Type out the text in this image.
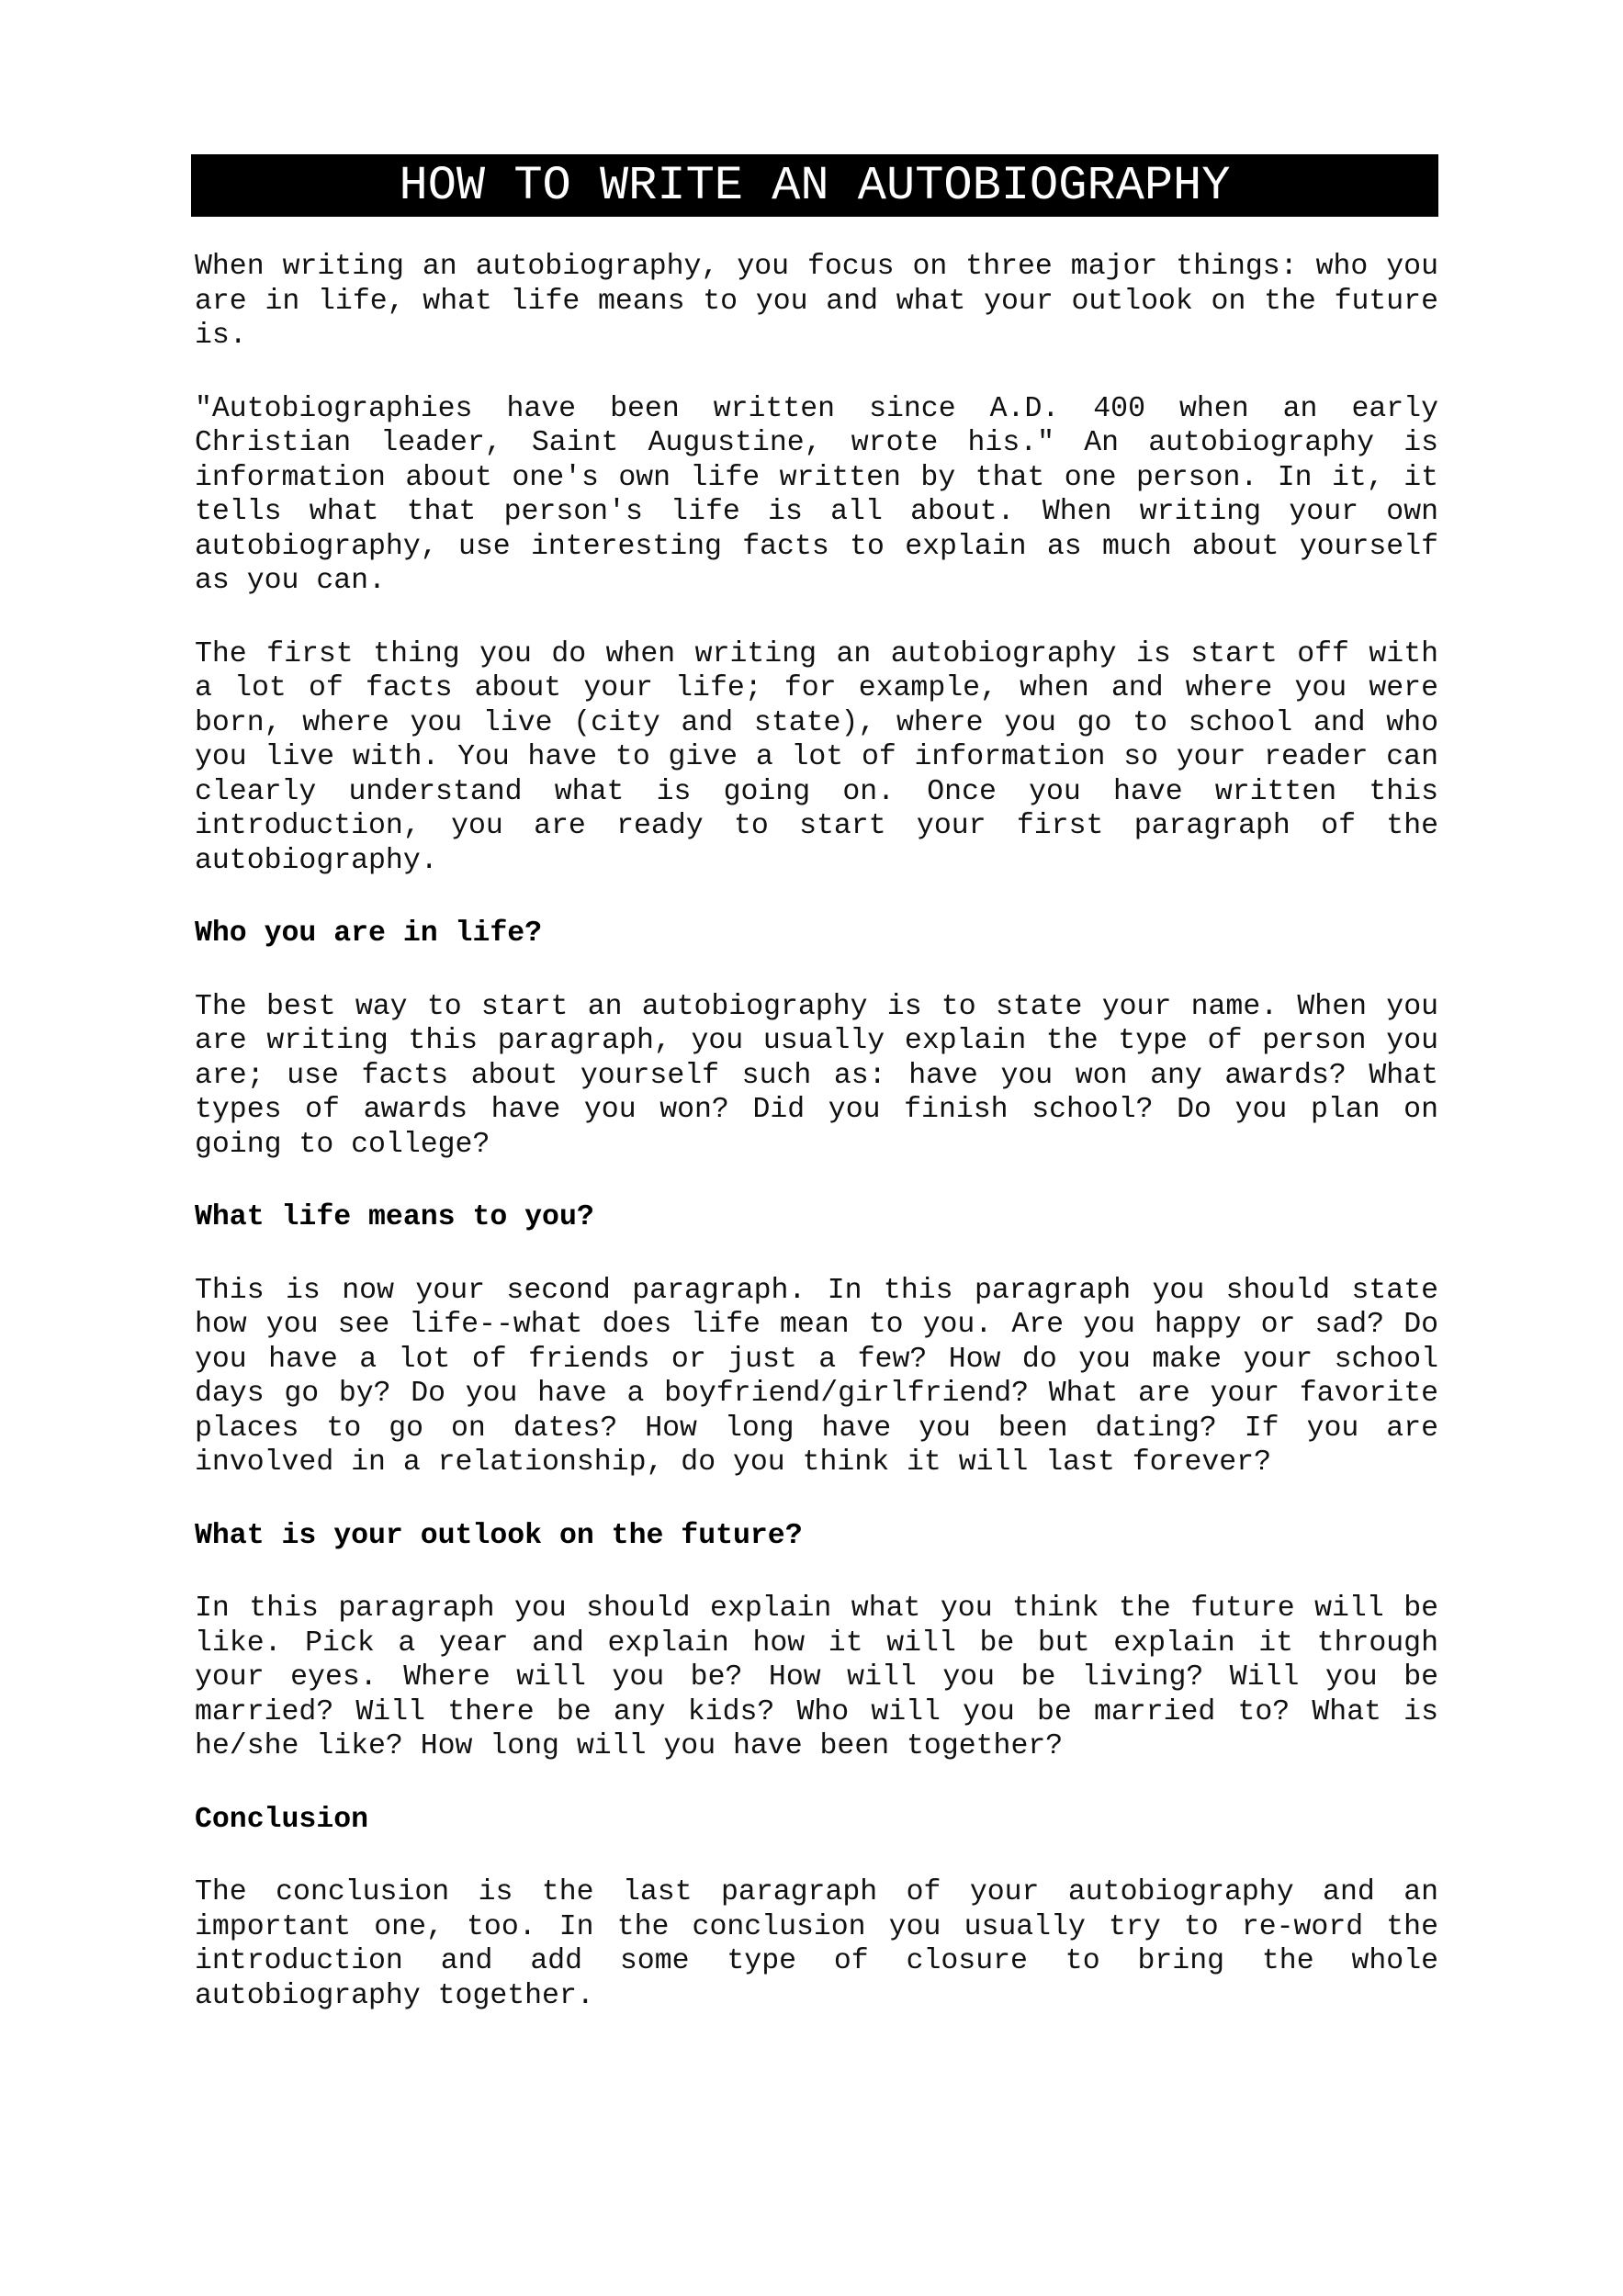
HOW TO WRITE AN AUTOBIOGRAPHY

When writing an autobiography, you focus on three major things: who you are in life, what life means to you and what your outlook on the future is.

"Autobiographies have been written since A.D. 400 when an early Christian leader, Saint Augustine, wrote his." An autobiography is information about one's own life written by that one person. In it, it tells what that person's life is all about. When writing your own autobiography, use interesting facts to explain as much about yourself as you can.

The first thing you do when writing an autobiography is start off with a lot of facts about your life; for example, when and where you were born, where you live (city and state), where you go to school and who you live with. You have to give a lot of information so your reader can clearly understand what is going on. Once you have written this introduction, you are ready to start your first paragraph of the autobiography.

Who you are in life?

The best way to start an autobiography is to state your name. When you are writing this paragraph, you usually explain the type of person you are; use facts about yourself such as: have you won any awards? What types of awards have you won? Did you finish school? Do you plan on going to college?

What life means to you?

This is now your second paragraph. In this paragraph you should state how you see life--what does life mean to you. Are you happy or sad? Do you have a lot of friends or just a few? How do you make your school days go by? Do you have a boyfriend/girlfriend? What are your favorite places to go on dates? How long have you been dating? If you are involved in a relationship, do you think it will last forever?

What is your outlook on the future?

In this paragraph you should explain what you think the future will be like. Pick a year and explain how it will be but explain it through your eyes. Where will you be? How will you be living? Will you be married? Will there be any kids? Who will you be married to? What is he/she like? How long will you have been together?

Conclusion

The conclusion is the last paragraph of your autobiography and an important one, too. In the conclusion you usually try to re-word the introduction and add some type of closure to bring the whole autobiography together.
